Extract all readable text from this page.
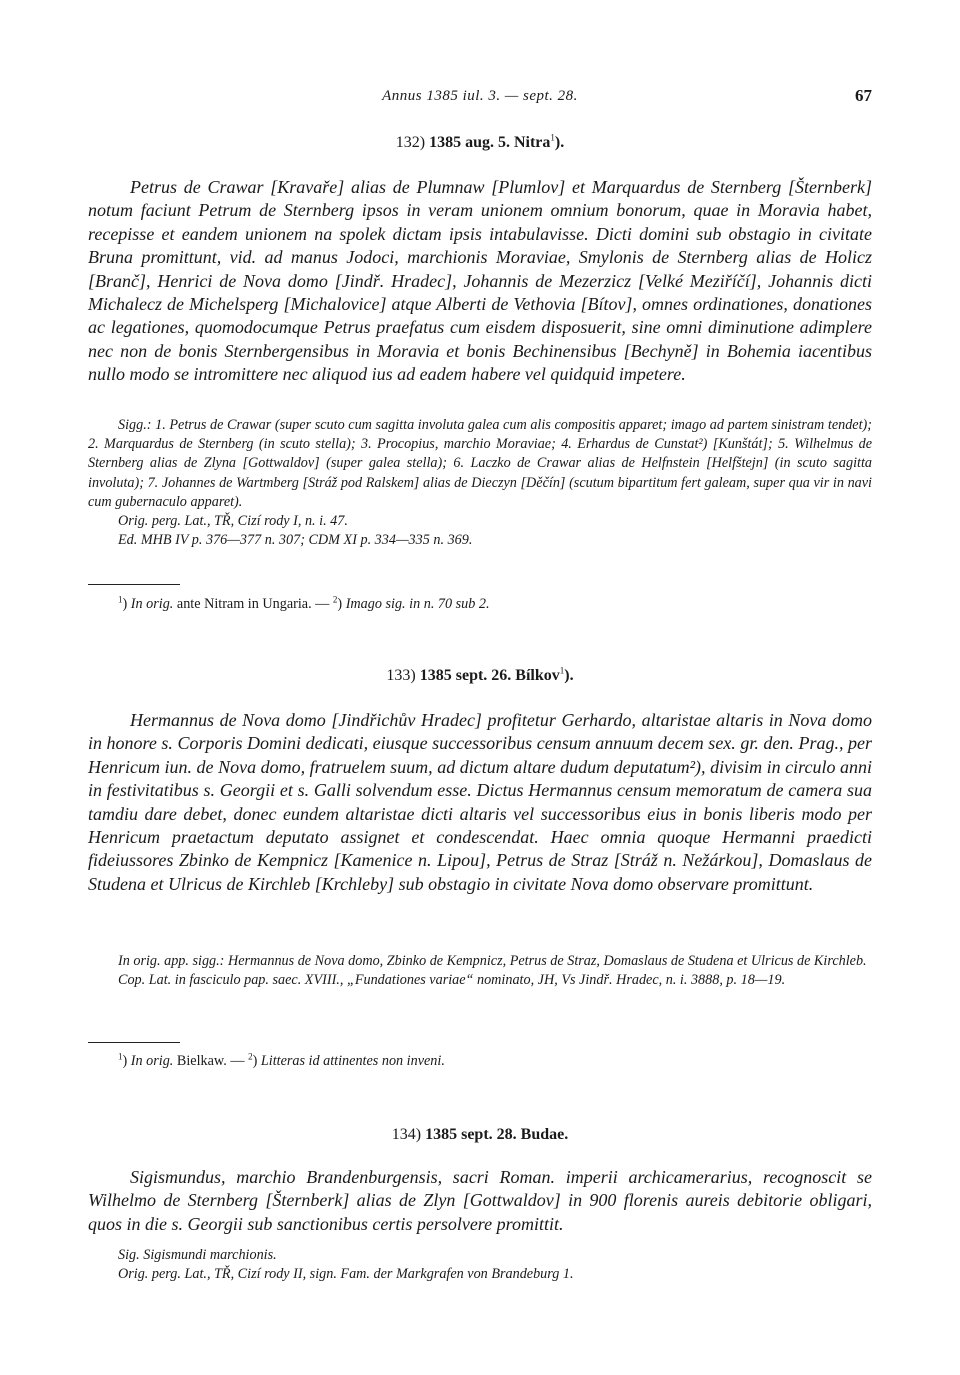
Annus 1385 iul. 3. — sept. 28.	67
132) 1385 aug. 5. Nitra$^1$).

Petrus de Crawar [Kravaře] alias de Plumnaw [Plumlov] et Marquardus de Sternberg [Šternberk] notum faciunt Petrum de Sternberg ipsos in veram unionem omnium bonorum, quae in Moravia habet, recepisse et eandem unionem na spolek dictam ipsis intabulavisse. Dicti domini sub obstagio in civitate Bruna promittunt, vid. ad manus Jodoci, marchionis Moraviae, Smylonis de Sternberg alias de Holicz [Branč], Henrici de Nova domo [Jindř. Hradec], Johannis de Mezerzicz [Velké Meziříčí], Johannis dicti Michalecz de Michelsperg [Michalovice] atque Alberti de Vethovia [Bítov], omnes ordinationes, donationes ac legationes, quomodocumque Petrus praefatus cum eisdem disposuerit, sine omni diminutione adimplere nec non de bonis Sternbergensibus in Moravia et bonis Bechinensibus [Bechyně] in Bohemia iacentibus nullo modo se intromittere nec aliquod ius ad eadem habere vel quidquid impetere.

Sigg.: 1. Petrus de Crawar (super scuto cum sagitta involuta galea cum alis compositis apparet; imago ad partem sinistram tendet); 2. Marquardus de Sternberg (in scuto stella); 3. Procopius, marchio Moraviae; 4. Erhardus de Cunstat²) [Kunštát]; 5. Wilhelmus de Sternberg alias de Zlyna [Gottwaldov] (super galea stella); 6. Laczko de Crawar alias de Helfnstein [Helfštejn] (in scuto sagitta involuta); 7. Johannes de Wartmberg [Stráž pod Ralskem] alias de Dieczyn [Děčín] (scutum bipartitum fert galeam, super qua vir in navi cum gubernaculo apparet).

Orig. perg. Lat., TŘ, Cizí rody I, n. i. 47.

Ed. MHB IV p. 376—377 n. 307; CDM XI p. 334—335 n. 369.

$^1$) In orig. ante Nitram in Ungaria. — $^2$) Imago sig. in n. 70 sub 2.
133) 1385 sept. 26. Bílkov$^1$).

Hermannus de Nova domo [Jindřichův Hradec] profitetur Gerhardo, altaristae altaris in Nova domo in honore s. Corporis Domini dedicati, eiusque successoribus censum annuum decem sex. gr. den. Prag., per Henricum iun. de Nova domo, fratruelem suum, ad dictum altare dudum deputatum²), divisim in circulo anni in festivitatibus s. Georgii et s. Galli solvendum esse. Dictus Hermannus censum memoratum de camera sua tamdiu dare debet, donec eundem altaristae dicti altaris vel successoribus eius in bonis liberis modo per Henricum praetactum deputato assignet et condescendat. Haec omnia quoque Hermanni praedicti fideiussores Zbinko de Kempnicz [Kamenice n. Lipou], Petrus de Straz [Stráž n. Nežárkou], Domaslaus de Studena et Ulricus de Kirchleb [Krchleby] sub obstagio in civitate Nova domo observare promittunt.

In orig. app. sigg.: Hermannus de Nova domo, Zbinko de Kempnicz, Petrus de Straz, Domaslaus de Studena et Ulricus de Kirchleb.

Cop. Lat. in fasciculo pap. saec. XVIII., „Fundationes variae“ nominato, JH, Vs Jindř. Hradec, n. i. 3888, p. 18—19.

$^1$) In orig. Bielkaw. — $^2$) Litteras id attinentes non inveni.
134) 1385 sept. 28. Budae.

Sigismundus, marchio Brandenburgensis, sacri Roman. imperii archicamerarius, recognoscit se Wilhelmo de Sternberg [Šternberk] alias de Zlyn [Gottwaldov] in 900 florenis aureis debitorie obligari, quos in die s. Georgii sub sanctionibus certis persolvere promittit.

Sig. Sigismundi marchionis.

Orig. perg. Lat., TŘ, Cizí rody II, sign. Fam. der Markgrafen von Brandeburg 1.
